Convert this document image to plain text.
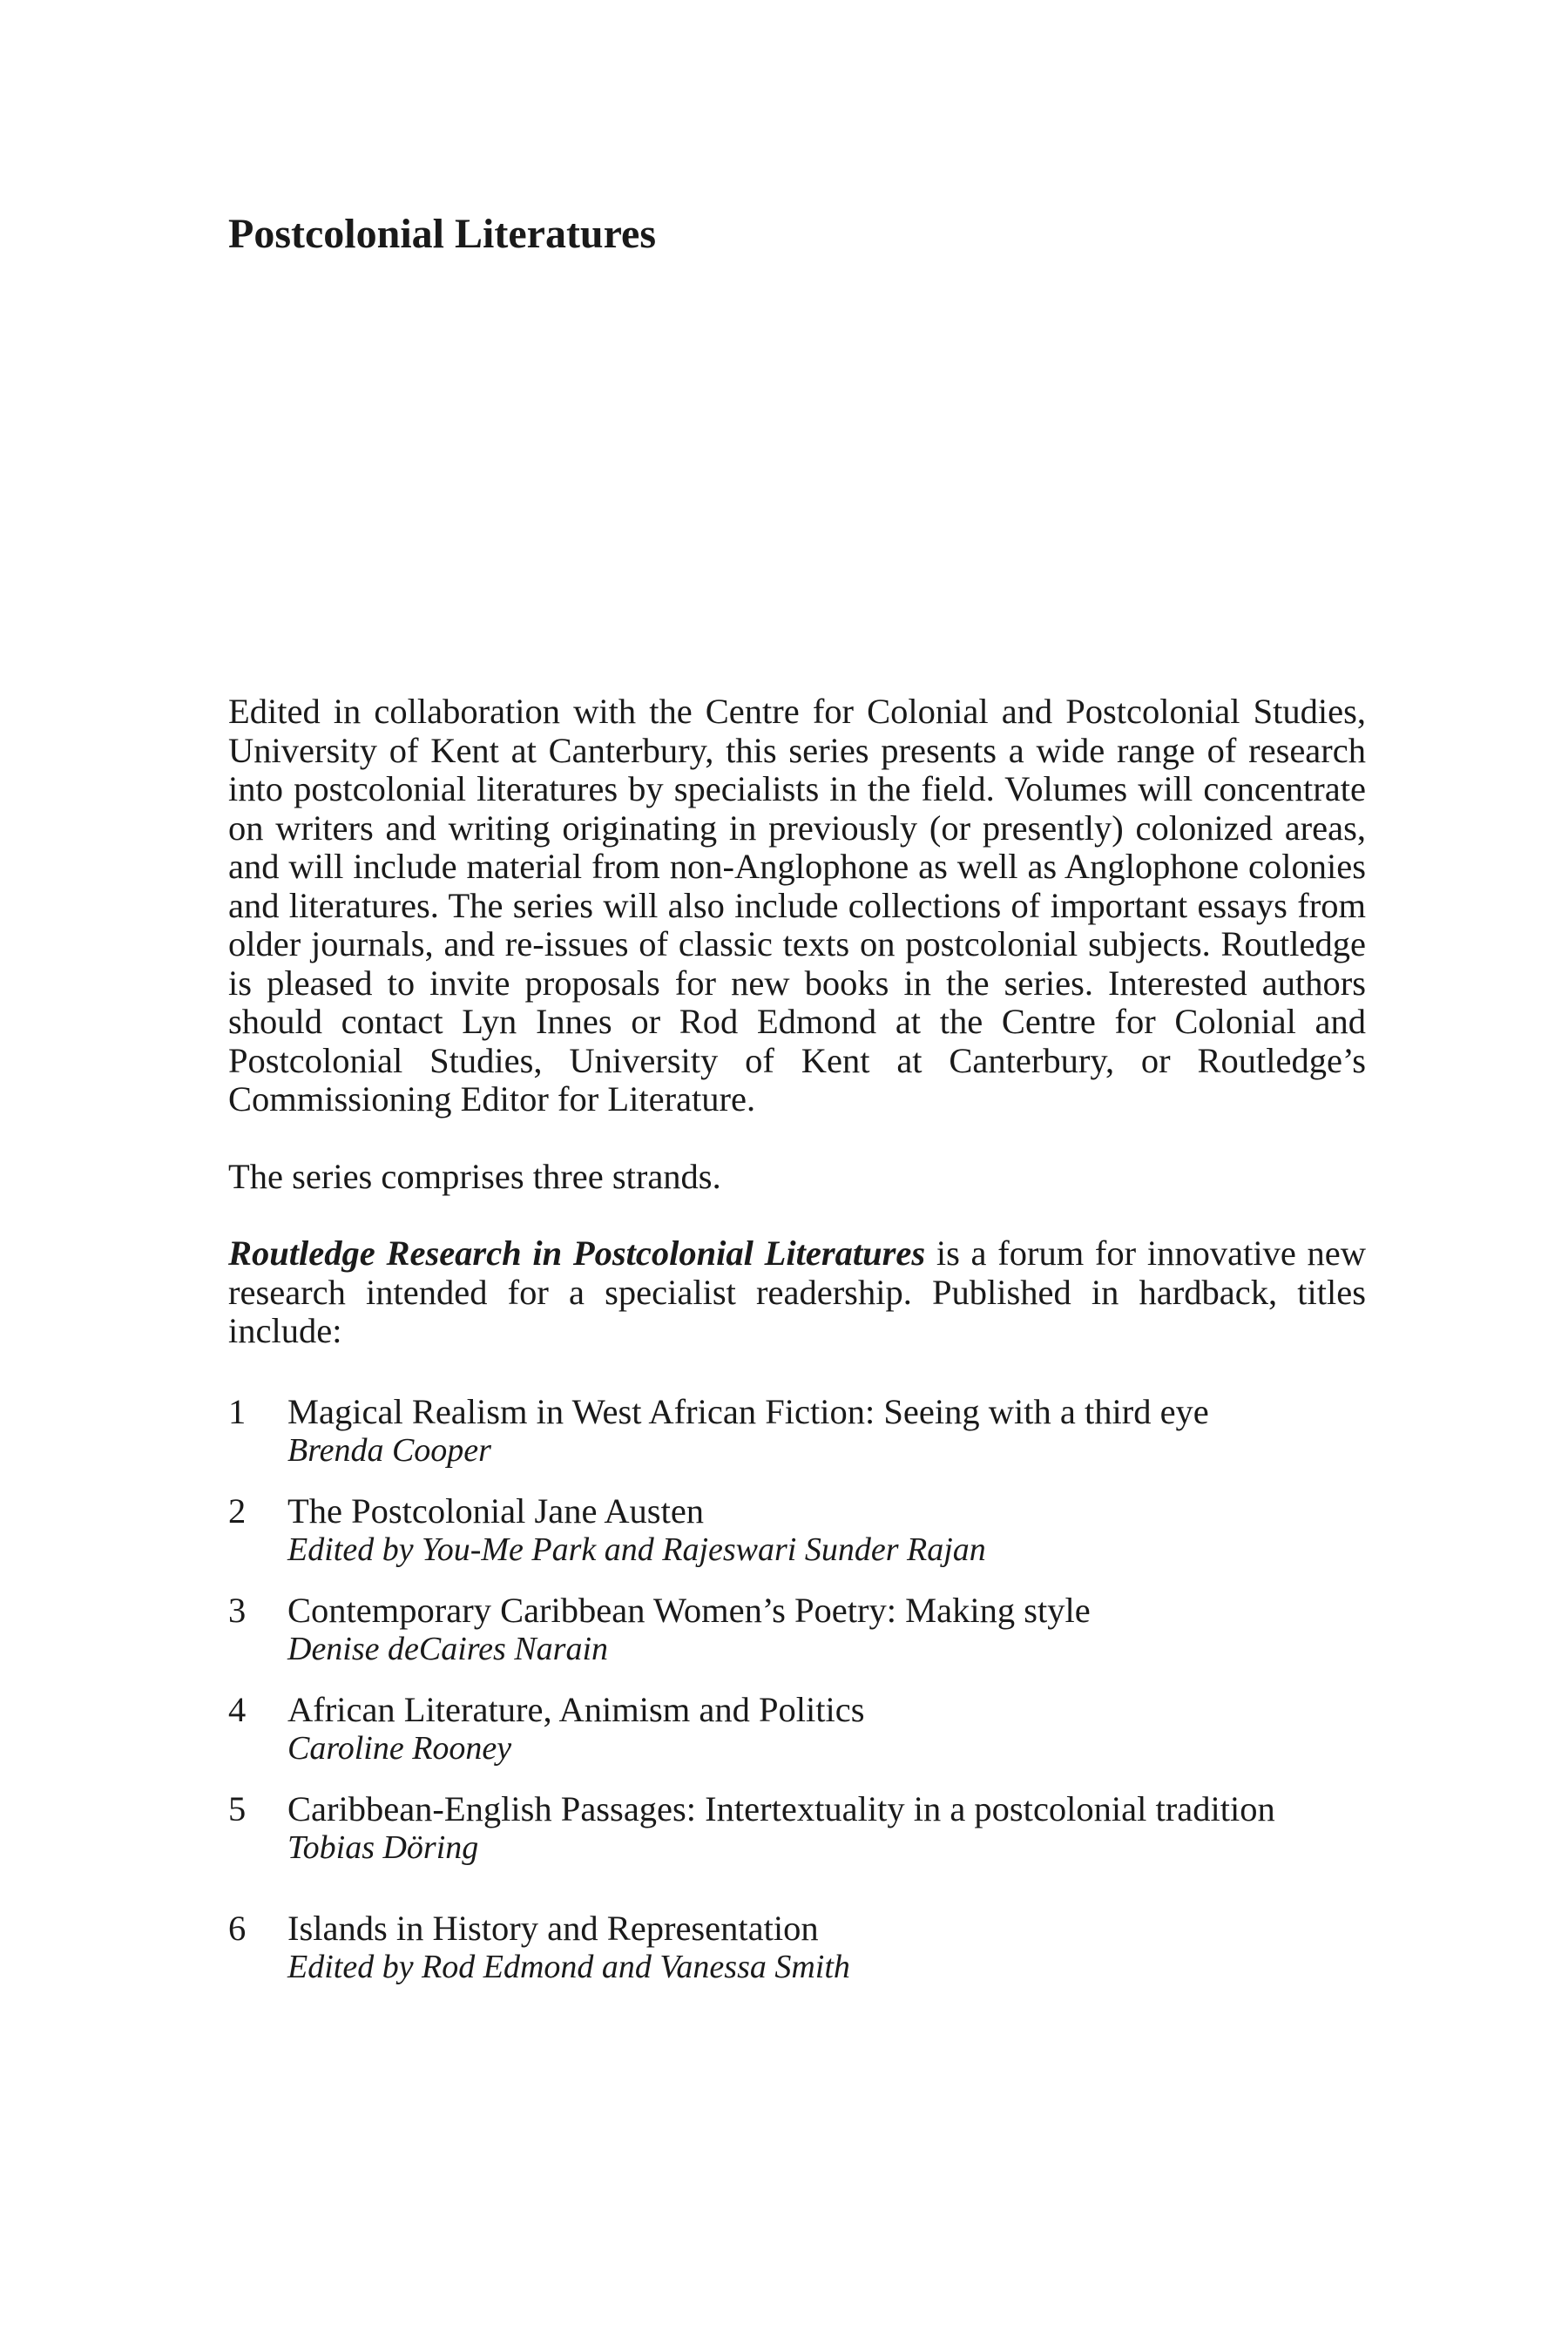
Postcolonial Literatures

Edited in collaboration with the Centre for Colonial and Postcolonial Studies, University of Kent at Canterbury, this series presents a wide range of research into postcolonial literatures by specialists in the field. Volumes will concentrate on writers and writing originating in previously (or presently) colonized areas, and will include material from non-Anglophone as well as Anglophone colonies and literatures. The series will also include collections of important essays from older journals, and re-issues of classic texts on postcolonial subjects. Routledge is pleased to invite proposals for new books in the series. Interested authors should contact Lyn Innes or Rod Edmond at the Centre for Colonial and Postcolonial Studies, University of Kent at Canterbury, or Routledge’s Commissioning Editor for Literature.

The series comprises three strands.

Routledge Research in Postcolonial Literatures is a forum for innovative new research intended for a specialist readership. Published in hardback, titles include:

1 Magical Realism in West African Fiction: Seeing with a third eye
Brenda Cooper
2 The Postcolonial Jane Austen
Edited by You-Me Park and Rajeswari Sunder Rajan
3 Contemporary Caribbean Women’s Poetry: Making style
Denise deCaires Narain
4 African Literature, Animism and Politics
Caroline Rooney
5 Caribbean-English Passages: Intertextuality in a postcolonial tradition
Tobias Döring
6 Islands in History and Representation
Edited by Rod Edmond and Vanessa Smith
